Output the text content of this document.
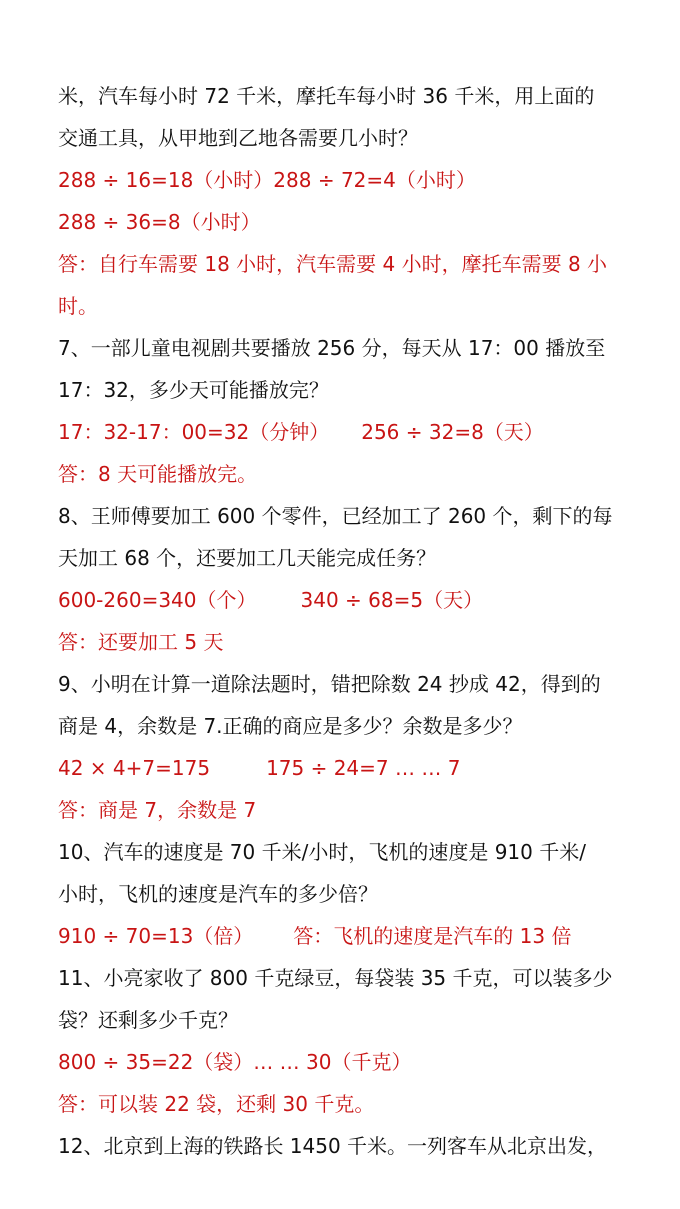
米，汽车每小时 72 千米，摩托车每小时 36 千米，用上面的
交通工具，从甲地到乙地各需要几小时？
288 ÷ 16=18（小时）288 ÷ 72=4（小时）
288 ÷ 36=8（小时）
答：自行车需要 18 小时，汽车需要 4 小时，摩托车需要 8 小
时。
7、一部儿童电视剧共要播放 256 分，每天从 17：00 播放至
17：32，多少天可能播放完？
17：32-17：00=32（分钟） 256 ÷ 32=8（天）
答：8 天可能播放完。
8、王师傅要加工 600 个零件，已经加工了 260 个，剩下的每
天加工 68 个，还要加工几天能完成任务？
600-260=340（个） 340 ÷ 68=5（天）
答：还要加工 5 天
9、小明在计算一道除法题时，错把除数 24 抄成 42，得到的
商是 4，余数是 7.正确的商应是多少？余数是多少？
42 × 4+7=175	175 ÷ 24=7 … … 7
答：商是 7，余数是 7
10、汽车的速度是 70 千米/小时，飞机的速度是 910 千米/
小时，飞机的速度是汽车的多少倍？
910 ÷ 70=13（倍） 答：飞机的速度是汽车的 13 倍
11、小亮家收了 800 千克绿豆，每袋装 35 千克，可以装多少
袋？还剩多少千克？
800 ÷ 35=22（袋）… … 30（千克）
答：可以装 22 袋，还剩 30 千克。
12、北京到上海的铁路长 1450 千米。一列客车从北京出发，
